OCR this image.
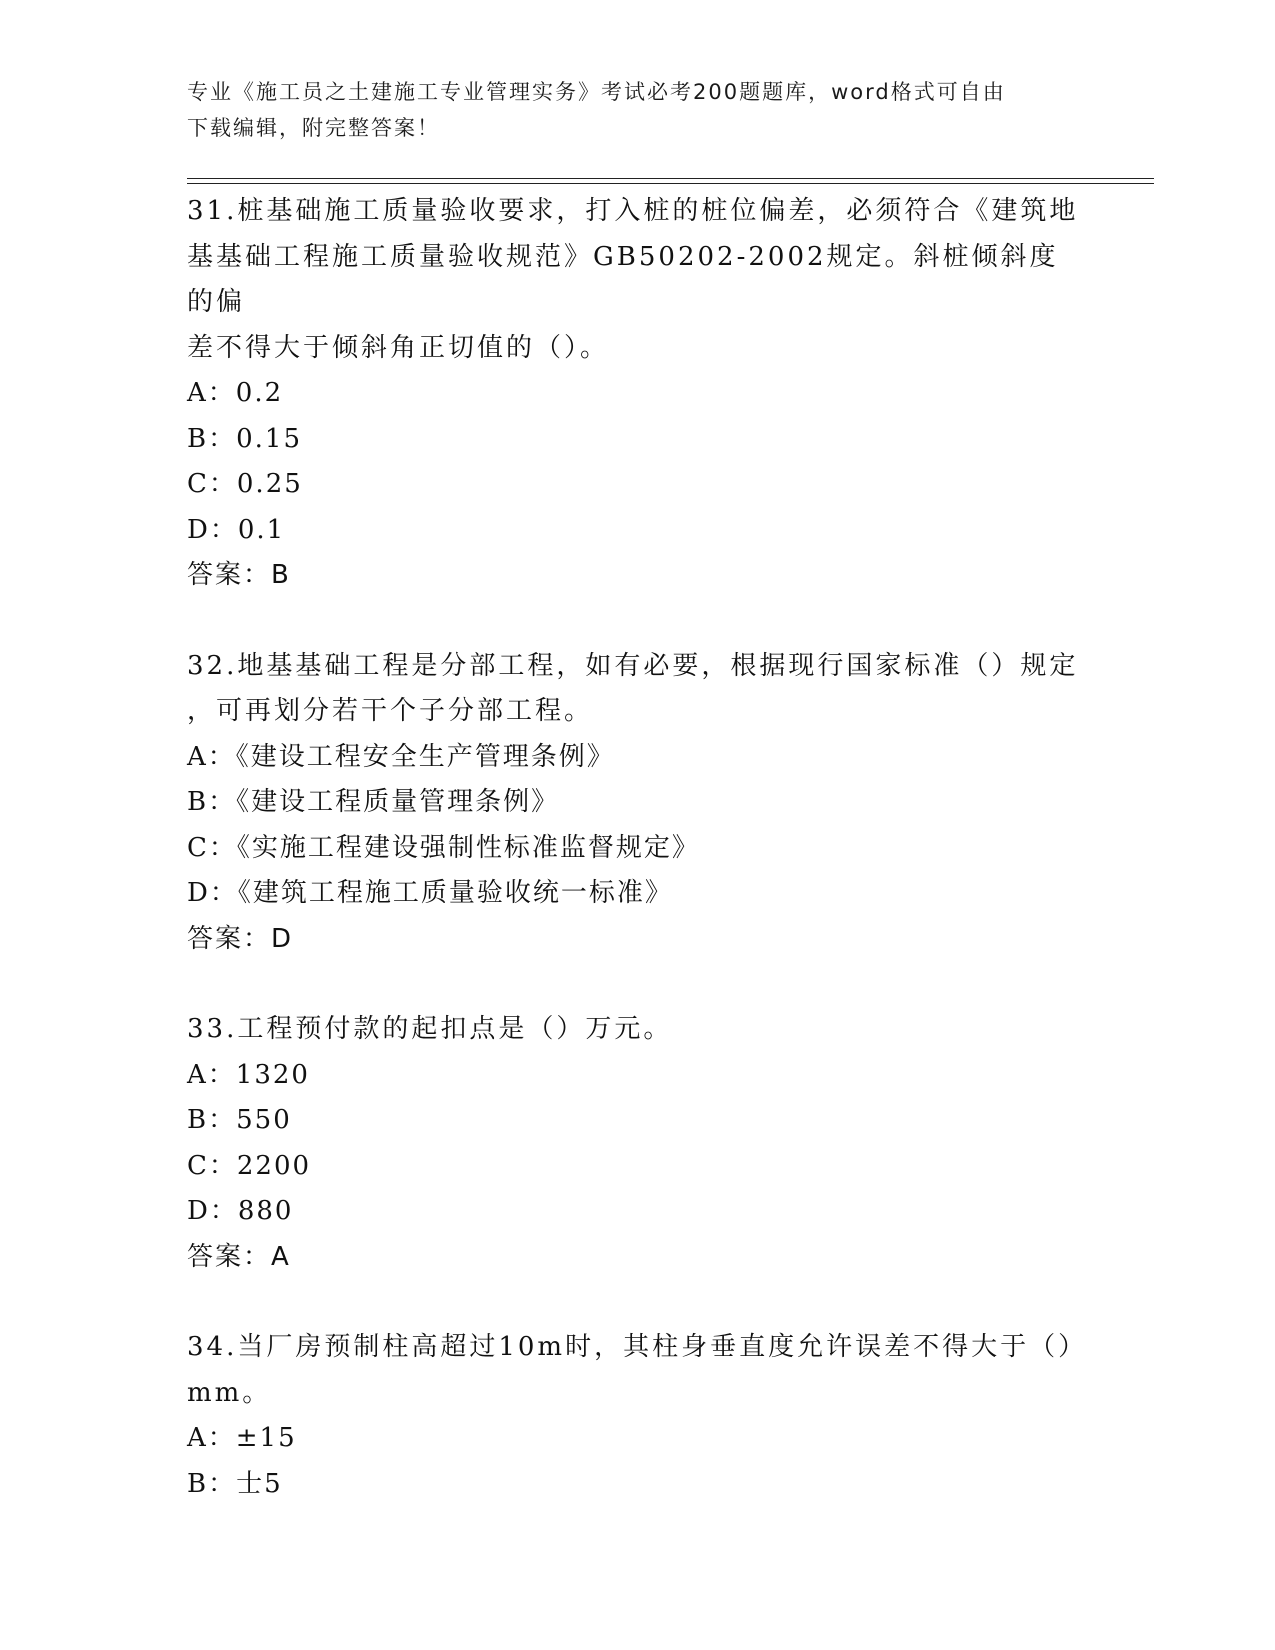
专业《施工员之土建施工专业管理实务》考试必考200题题库，word格式可自由
下载编辑，附完整答案！
31.桩基础施工质量验收要求，打入桩的桩位偏差，必须符合《建筑地
基基础工程施工质量验收规范》GB50202-2002规定。斜桩倾斜度的偏
差不得大于倾斜角正切值的（）。
A：0.2
B：0.15
C：0.25
D：0.1
答案：B
32.地基基础工程是分部工程，如有必要，根据现行国家标准（）规定
，可再划分若干个子分部工程。
A：《建设工程安全生产管理条例》
B：《建设工程质量管理条例》
C：《实施工程建设强制性标准监督规定》
D：《建筑工程施工质量验收统一标准》
答案：D
33.工程预付款的起扣点是（）万元。
A：1320
B：550
C：2200
D：880
答案：A
34.当厂房预制柱高超过10m时，其柱身垂直度允许误差不得大于（）
mm。
A：±15
B：士5
